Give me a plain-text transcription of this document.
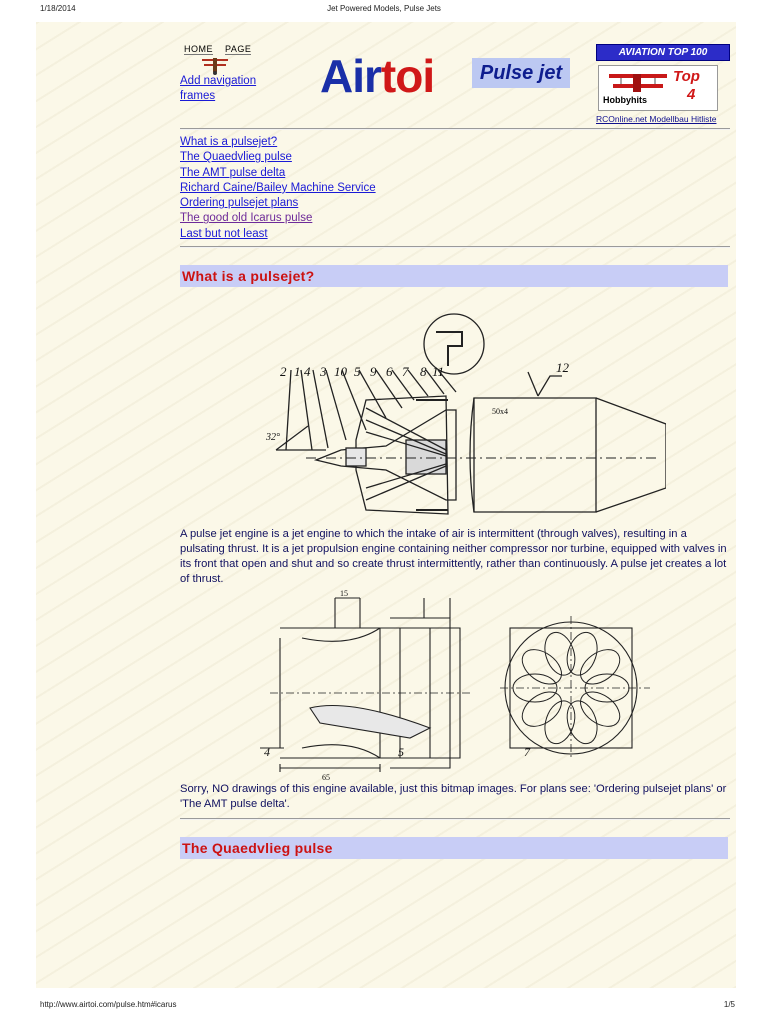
1/18/2014	Jet Powered Models, Pulse Jets
HOME PAGE
Add navigation frames	Airtoi	Pulse jet
AVIATION TOP 100
Top
4
Hobbyhits
RCOnline.net Modellbau Hitliste
What is a pulsejet?
The Quaedvlieg pulse
The AMT pulse delta
Richard Caine/Bailey Machine Service
Ordering pulsejet plans
The good old Icarus pulse
Last but not least
What is a pulsejet?
2 1 4 3 10 5 9 6 7 8 11	12
32°
50x4

A pulse jet engine is a jet engine to which the intake of air is intermittent (through valves), resulting in a pulsating thrust. It is a jet propulsion engine containing neither compressor nor turbine, equipped with valves in its front that open and shut and so create thrust intermittently, rather than continuously. A pulse jet creates a lot of thrust.

4
65
5	7
15

Sorry, NO drawings of this engine available, just this bitmap images. For plans see: 'Ordering pulsejet plans' or 'The AMT pulse delta'.

The Quaedvlieg pulse
http://www.airtoi.com/pulse.htm#icarus	1/5
